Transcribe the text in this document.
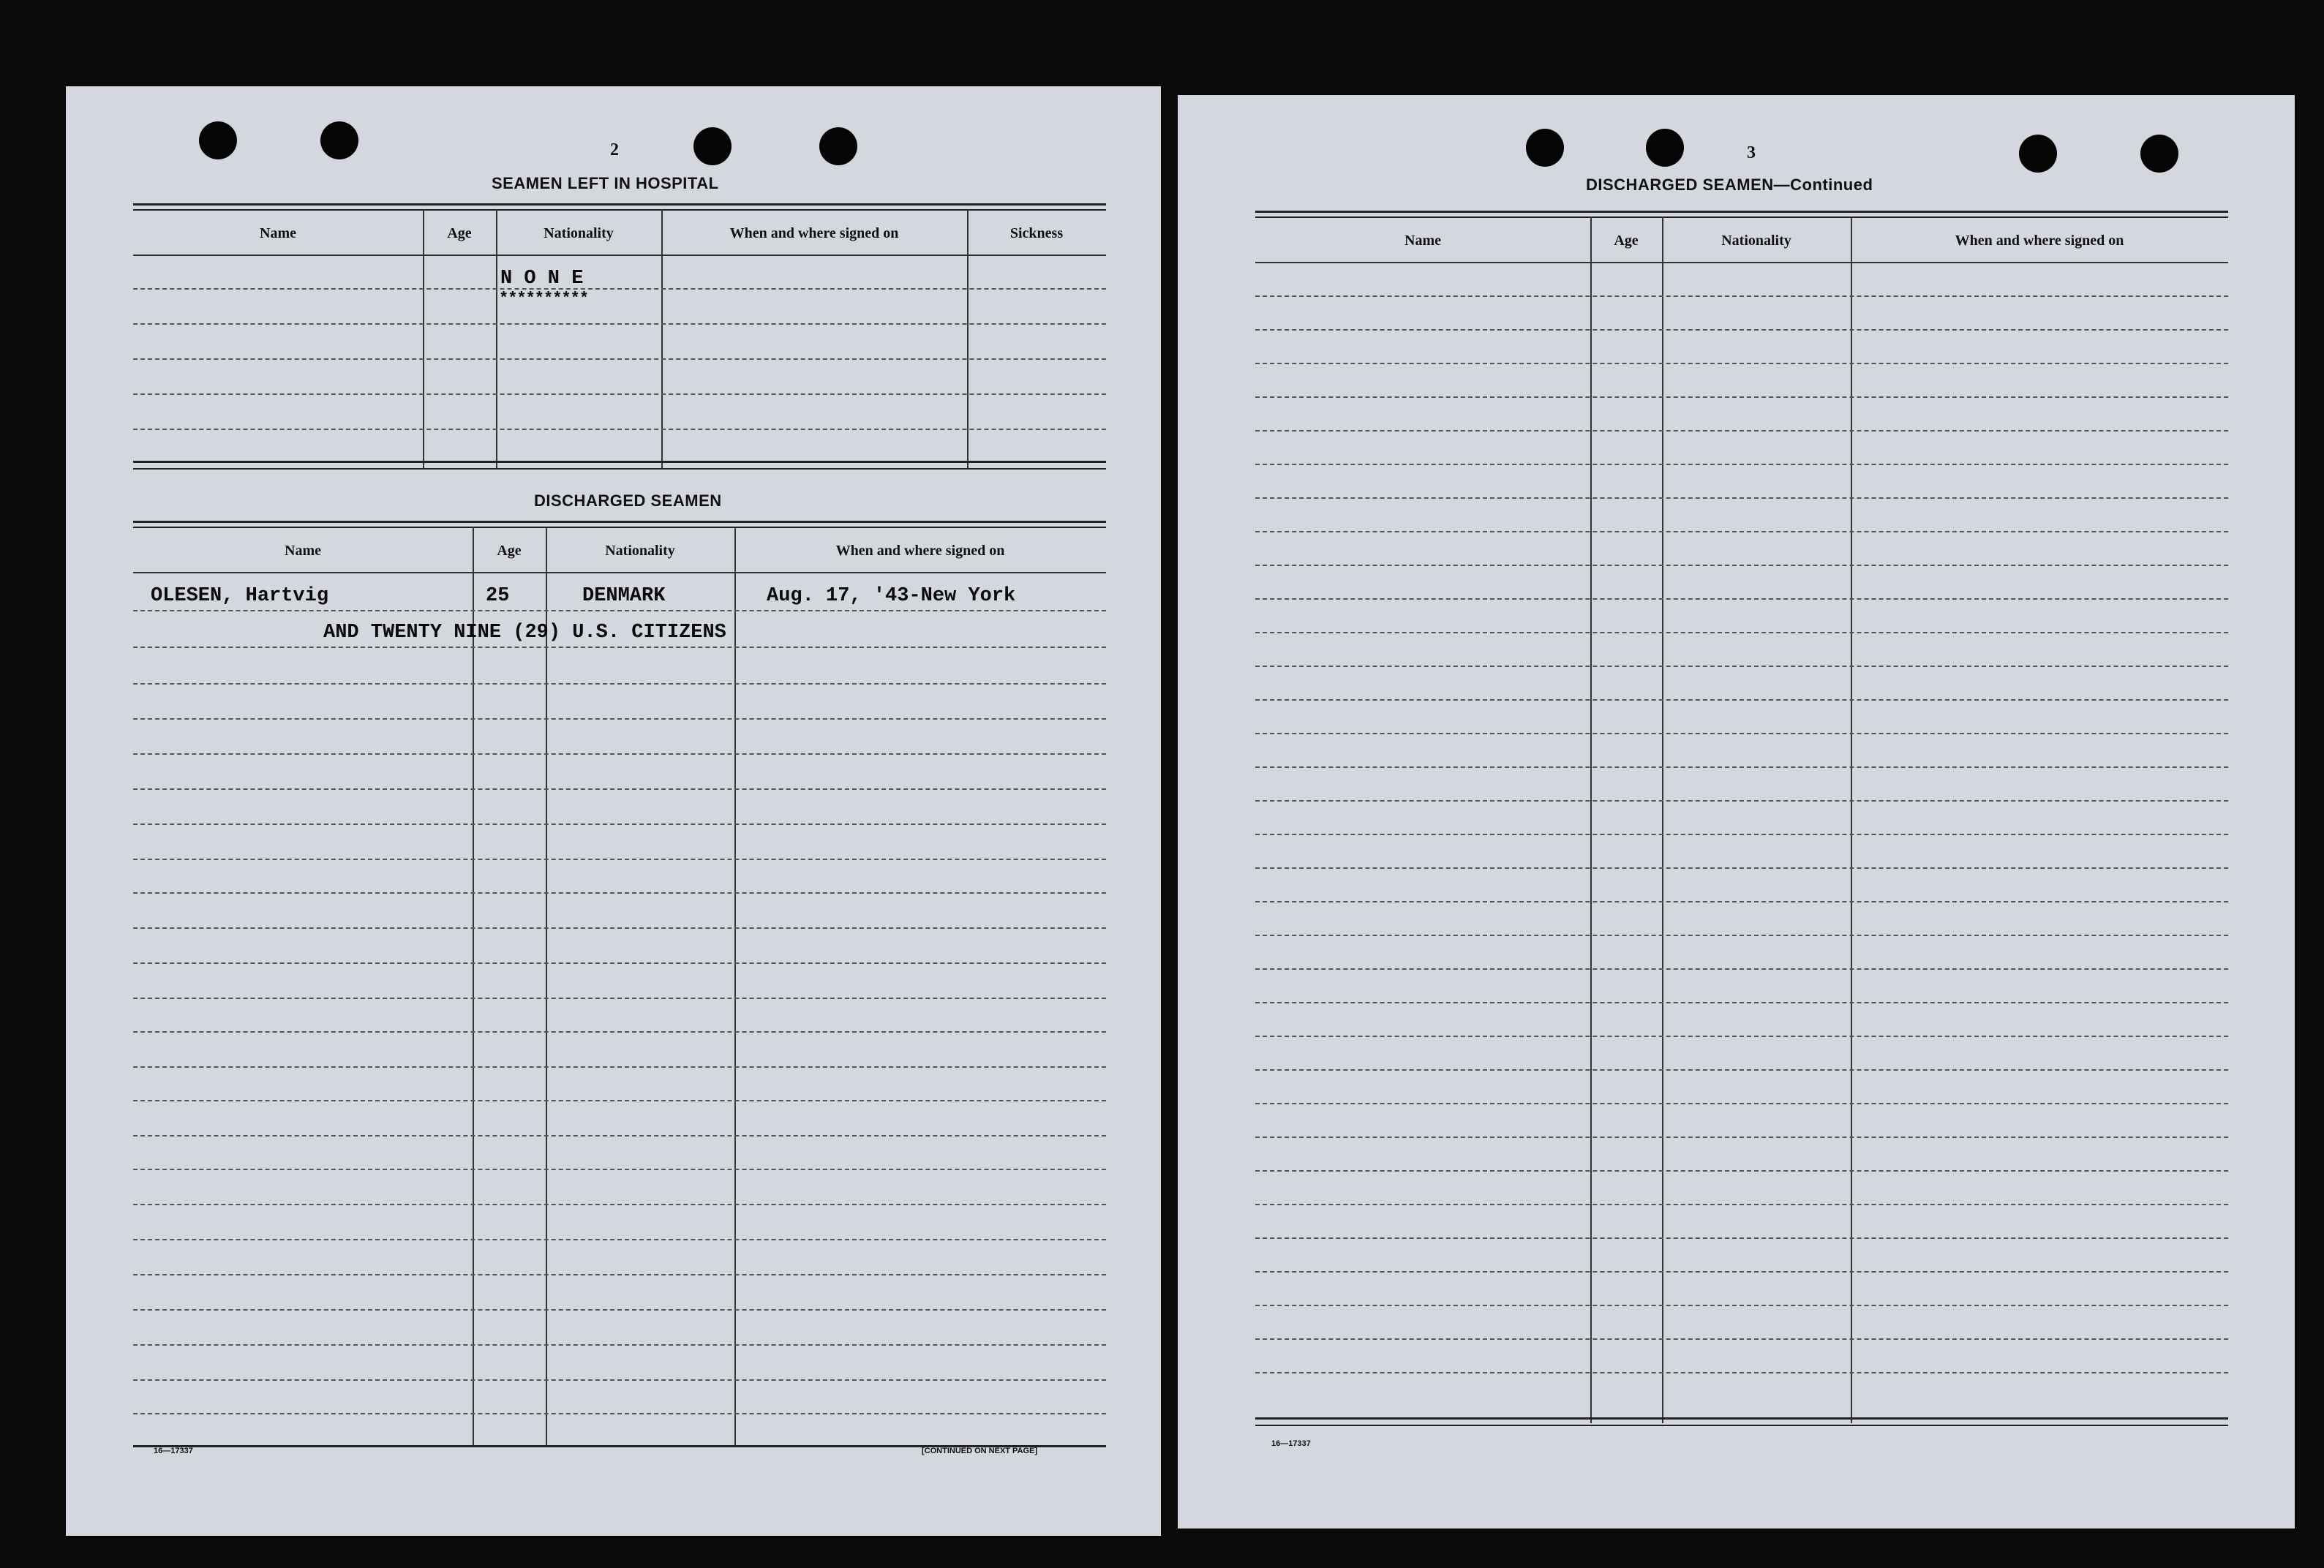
2
SEAMEN LEFT IN HOSPITAL
Name	Age	Nationality	When and where signed on	Sickness
N O N E
**********
DISCHARGED SEAMEN
Name	Age	Nationality	When and where signed on
OLESEN, Hartvig	25	DENMARK	Aug. 17, '43-New York
AND TWENTY NINE (29) U.S. CITIZENS
16—17337	[CONTINUED ON NEXT PAGE]
3
DISCHARGED SEAMEN—Continued
Name	Age	Nationality	When and where signed on
16—17337
